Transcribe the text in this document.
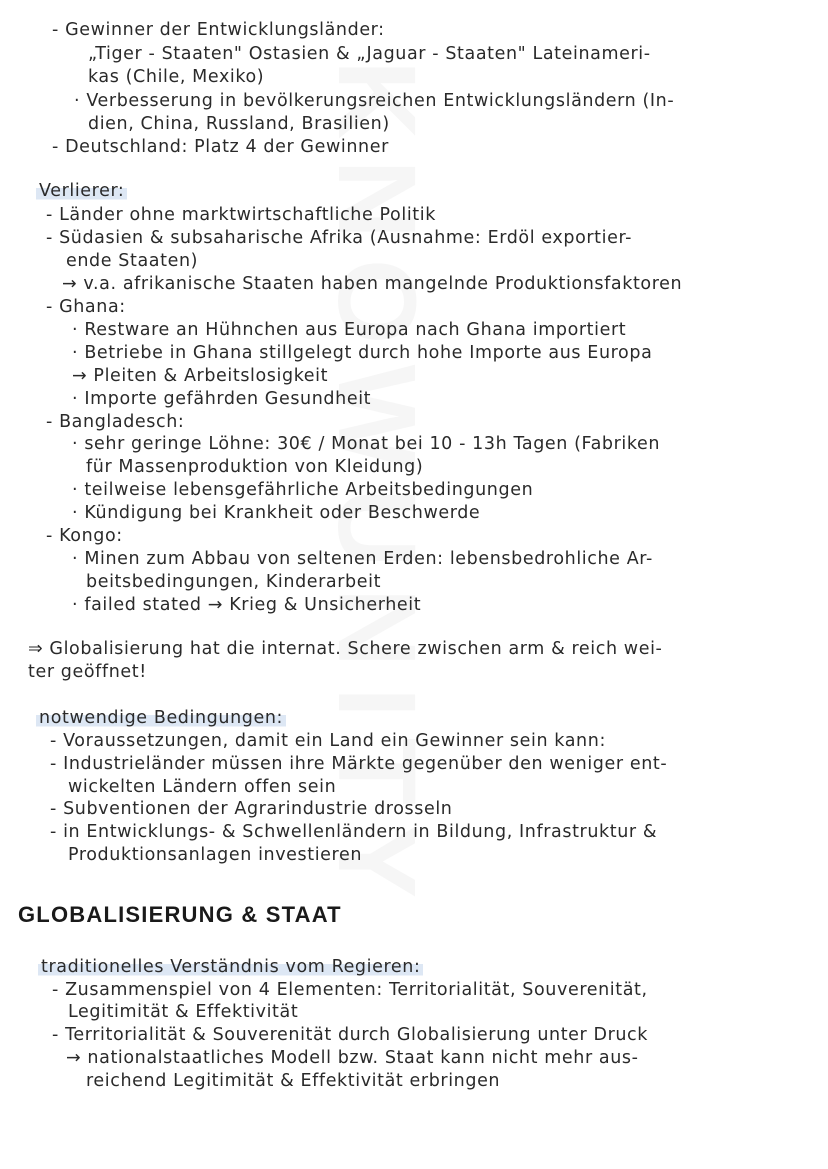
- Gewinner der Entwicklungsländer:
„Tiger - Staaten" Ostasien & „Jaguar - Staaten" Lateinameri-
kas (Chile, Mexiko)
· Verbesserung in bevölkerungsreichen Entwicklungsländern (In-
dien, China, Russland, Brasilien)
- Deutschland: Platz 4 der Gewinner
Verlierer:
- Länder ohne marktwirtschaftliche Politik
- Südasien & subsaharische Afrika (Ausnahme: Erdöl exportier-
ende Staaten)
→ v.a. afrikanische Staaten haben mangelnde Produktionsfaktoren
- Ghana:
· Restware an Hühnchen aus Europa nach Ghana importiert
· Betriebe in Ghana stillgelegt durch hohe Importe aus Europa
→ Pleiten & Arbeitslosigkeit
· Importe gefährden Gesundheit
- Bangladesch:
· sehr geringe Löhne: 30€ / Monat bei 10 - 13h Tagen (Fabriken
für Massenproduktion von Kleidung)
· teilweise lebensgefährliche Arbeitsbedingungen
· Kündigung bei Krankheit oder Beschwerde
- Kongo:
· Minen zum Abbau von seltenen Erden: lebensbedrohliche Ar-
beitsbedingungen, Kinderarbeit
· failed stated → Krieg & Unsicherheit
⇒ Globalisierung hat die internat. Schere zwischen arm & reich wei-
ter geöffnet!
notwendige Bedingungen:
- Voraussetzungen, damit ein Land ein Gewinner sein kann:
- Industrieländer müssen ihre Märkte gegenüber den weniger ent-
wickelten Ländern offen sein
- Subventionen der Agrarindustrie drosseln
- in Entwicklungs- & Schwellenländern in Bildung, Infrastruktur &
Produktionsanlagen investieren
GLOBALISIERUNG & STAAT
traditionelles Verständnis vom Regieren:
- Zusammenspiel von 4 Elementen: Territorialität, Souverenität,
Legitimität & Effektivität
- Territorialität & Souverenität durch Globalisierung unter Druck
→ nationalstaatliches Modell bzw. Staat kann nicht mehr aus-
reichend Legitimität & Effektivität erbringen
